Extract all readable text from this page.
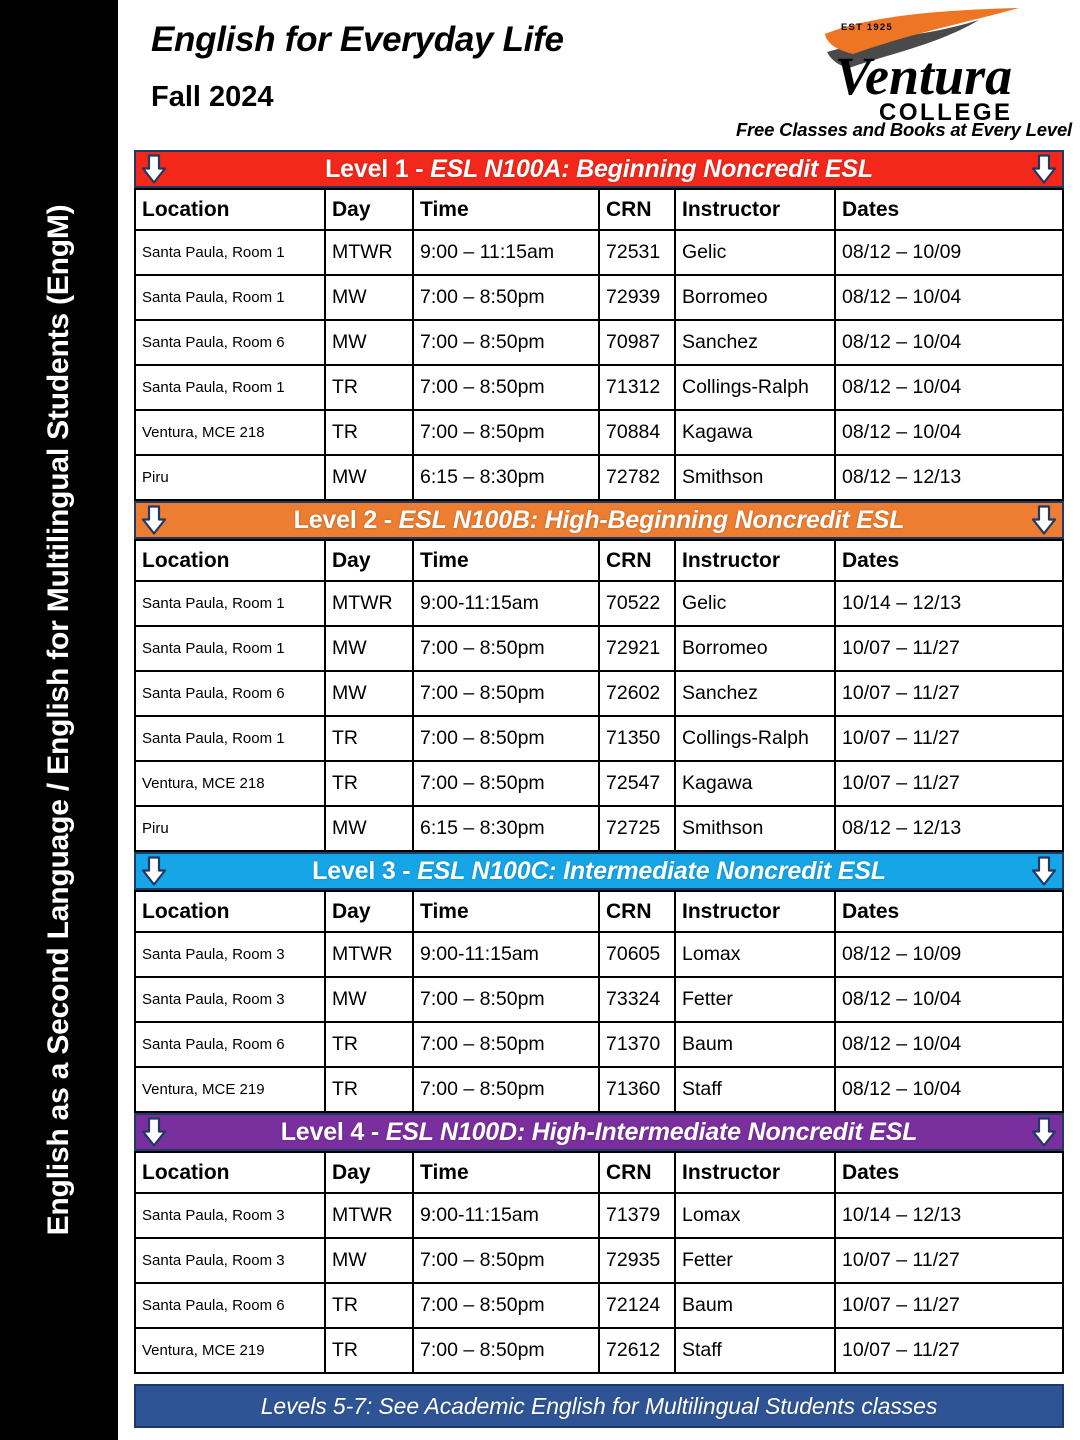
English as a Second Language / English for Multilingual Students (EngM)
English for Everyday Life
Fall 2024
EST 1925
Ventura
COLLEGE
Free Classes and Books at Every Level
Level 1 - ESL N100A: Beginning Noncredit ESL
Location	Day	Time	CRN	Instructor	Dates
Santa Paula, Room 1	MTWR	9:00 – 11:15am	72531	Gelic	08/12 – 10/09
Santa Paula, Room 1	MW	7:00 – 8:50pm	72939	Borromeo	08/12 – 10/04
Santa Paula, Room 6	MW	7:00 – 8:50pm	70987	Sanchez	08/12 – 10/04
Santa Paula, Room 1	TR	7:00 – 8:50pm	71312	Collings-Ralph	08/12 – 10/04
Ventura, MCE 218	TR	7:00 – 8:50pm	70884	Kagawa	08/12 – 10/04
Piru	MW	6:15 – 8:30pm	72782	Smithson	08/12 – 12/13
Level 2 - ESL N100B: High-Beginning Noncredit ESL
Location	Day	Time	CRN	Instructor	Dates
Santa Paula, Room 1	MTWR	9:00-11:15am	70522	Gelic	10/14 – 12/13
Santa Paula, Room 1	MW	7:00 – 8:50pm	72921	Borromeo	10/07 – 11/27
Santa Paula, Room 6	MW	7:00 – 8:50pm	72602	Sanchez	10/07 – 11/27
Santa Paula, Room 1	TR	7:00 – 8:50pm	71350	Collings-Ralph	10/07 – 11/27
Ventura, MCE 218	TR	7:00 – 8:50pm	72547	Kagawa	10/07 – 11/27
Piru	MW	6:15 – 8:30pm	72725	Smithson	08/12 – 12/13
Level 3 - ESL N100C: Intermediate Noncredit ESL
Location	Day	Time	CRN	Instructor	Dates
Santa Paula, Room 3	MTWR	9:00-11:15am	70605	Lomax	08/12 – 10/09
Santa Paula, Room 3	MW	7:00 – 8:50pm	73324	Fetter	08/12 – 10/04
Santa Paula, Room 6	TR	7:00 – 8:50pm	71370	Baum	08/12 – 10/04
Ventura, MCE 219	TR	7:00 – 8:50pm	71360	Staff	08/12 – 10/04
Level 4 - ESL N100D: High-Intermediate Noncredit ESL
Location	Day	Time	CRN	Instructor	Dates
Santa Paula, Room 3	MTWR	9:00-11:15am	71379	Lomax	10/14 – 12/13
Santa Paula, Room 3	MW	7:00 – 8:50pm	72935	Fetter	10/07 – 11/27
Santa Paula, Room 6	TR	7:00 – 8:50pm	72124	Baum	10/07 – 11/27
Ventura, MCE 219	TR	7:00 – 8:50pm	72612	Staff	10/07 – 11/27
Levels 5-7: See Academic English for Multilingual Students classes
